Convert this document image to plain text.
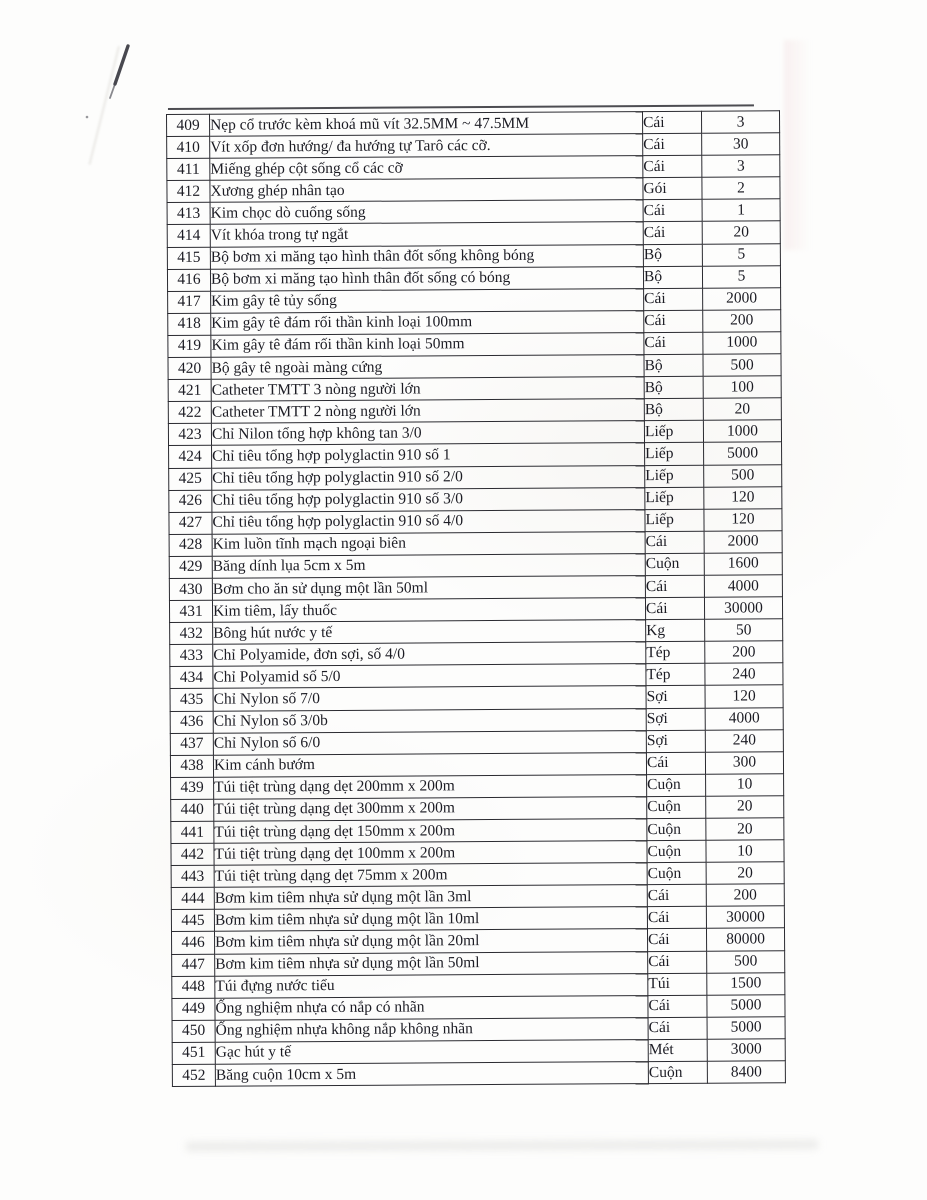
409	Nẹp cổ trước kèm khoá mũ vít 32.5MM ~ 47.5MM	Cái	3
410	Vít xốp đơn hướng/ đa hướng tự Tarô các cỡ.	Cái	30
411	Miếng ghép cột sống cổ các cỡ	Cái	3
412	Xương ghép nhân tạo	Gói	2
413	Kim chọc dò cuống sống	Cái	1
414	Vít khóa trong tự ngắt	Cái	20
415	Bộ bơm xi măng tạo hình thân đốt sống không bóng	Bộ	5
416	Bộ bơm xi măng tạo hình thân đốt sống có bóng	Bộ	5
417	Kim gây tê tủy sống	Cái	2000
418	Kim gây tê đám rối thần kinh loại 100mm	Cái	200
419	Kim gây tê đám rối thần kinh loại 50mm	Cái	1000
420	Bộ gây tê ngoài màng cứng	Bộ	500
421	Catheter TMTT 3 nòng người lớn	Bộ	100
422	Catheter TMTT 2 nòng người lớn	Bộ	20
423	Chỉ Nilon tổng hợp không tan 3/0	Liếp	1000
424	Chỉ tiêu tổng hợp polyglactin 910 số 1	Liếp	5000
425	Chỉ tiêu tổng hợp polyglactin 910 số 2/0	Liếp	500
426	Chỉ tiêu tổng hợp polyglactin 910 số 3/0	Liếp	120
427	Chỉ tiêu tổng hợp polyglactin 910 số 4/0	Liếp	120
428	Kim luồn tĩnh mạch ngoại biên	Cái	2000
429	Băng dính lụa 5cm x 5m	Cuộn	1600
430	Bơm cho ăn sử dụng một lần 50ml	Cái	4000
431	Kim tiêm, lấy thuốc	Cái	30000
432	Bông hút nước y tế	Kg	50
433	Chỉ Polyamide, đơn sợi, số 4/0	Tép	200
434	Chỉ Polyamid số 5/0	Tép	240
435	Chỉ Nylon số 7/0	Sợi	120
436	Chỉ Nylon số 3/0b	Sợi	4000
437	Chỉ Nylon số 6/0	Sợi	240
438	Kim cánh bướm	Cái	300
439	Túi tiệt trùng dạng dẹt 200mm x 200m	Cuộn	10
440	Túi tiệt trùng dạng dẹt 300mm x 200m	Cuộn	20
441	Túi tiệt trùng dạng dẹt 150mm x 200m	Cuộn	20
442	Túi tiệt trùng dạng dẹt 100mm x 200m	Cuộn	10
443	Túi tiệt trùng dạng dẹt 75mm x 200m	Cuộn	20
444	Bơm kim tiêm nhựa sử dụng một lần 3ml	Cái	200
445	Bơm kim tiêm nhựa sử dụng một lần 10ml	Cái	30000
446	Bơm kim tiêm nhựa sử dụng một lần 20ml	Cái	80000
447	Bơm kim tiêm nhựa sử dụng một lần 50ml	Cái	500
448	Túi đựng nước tiểu	Túi	1500
449	Ống nghiệm nhựa có nắp có nhãn	Cái	5000
450	Ống nghiệm nhựa không nắp không nhãn	Cái	5000
451	Gạc hút y tế	Mét	3000
452	Băng cuộn 10cm x 5m	Cuộn	8400
